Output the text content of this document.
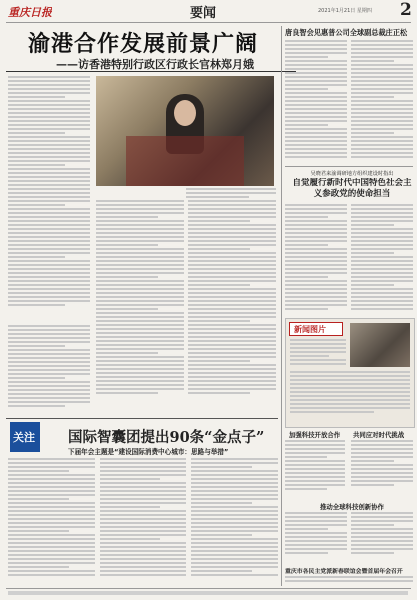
重庆日报	要闻	2021年1月21日 星期四 2
渝港合作发展前景广阔
——访香港特别行政区行政长官林郑月娥
唐良智会见惠普公司全球副总裁庄正松
吴晓君来渝调研地方组织建设时指出
自觉履行新时代中国特色社会主义参政党的使命担当
新闻图片
加强科技开放合作	共同应对时代挑战
推动全球科技创新协作
重庆市各民主党派新春联谊会暨首届年会召开
关注 国际智囊团提出90条“金点子”
下届年会主题是“建设国际消费中心城市：思路与举措”
